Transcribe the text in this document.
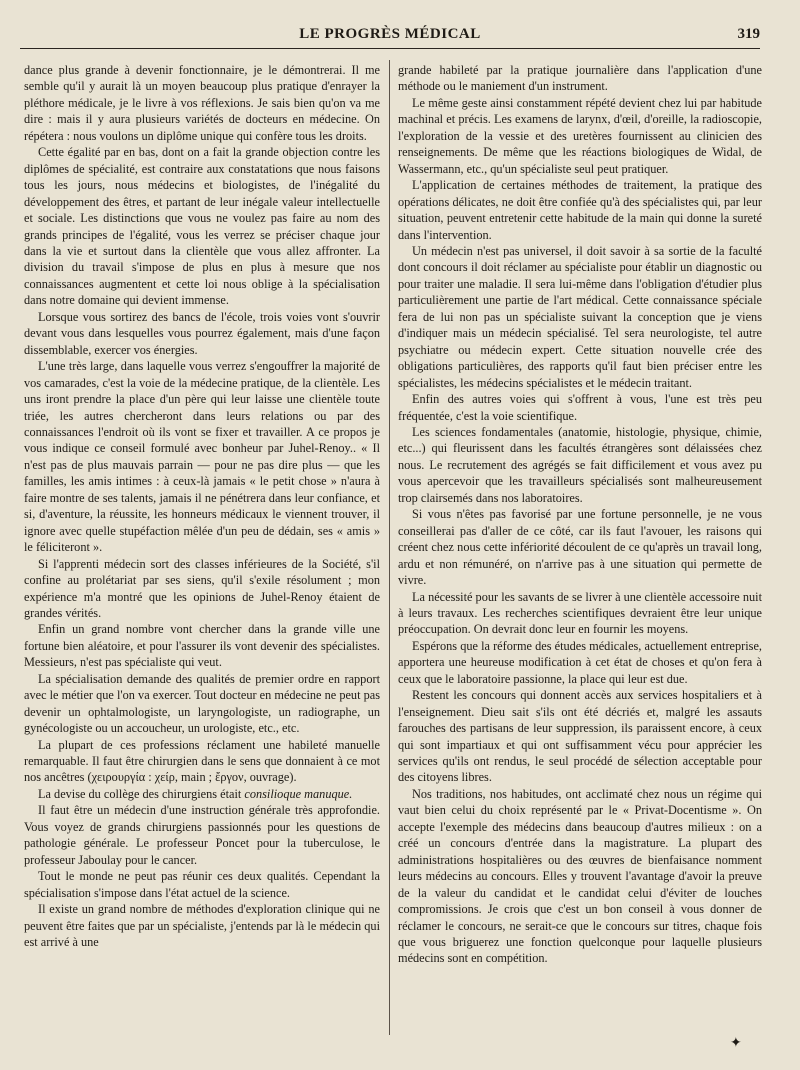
LE PROGRÈS MÉDICAL	319

dance plus grande à devenir fonctionnaire, je le démontrerai. Il me semble qu'il y aurait là un moyen beaucoup plus pratique d'enrayer la pléthore médicale, je le livre à vos réflexions. Je sais bien qu'on va me dire : mais il y aura plusieurs variétés de docteurs en médecine. On répétera : nous voulons un diplôme unique qui confère tous les droits.

Cette égalité par en bas, dont on a fait la grande objection contre les diplômes de spécialité, est contraire aux constatations que nous faisons tous les jours, nous médecins et biologistes, de l'inégalité du développement des êtres, et partant de leur inégale valeur intellectuelle et sociale. Les distinctions que vous ne voulez pas faire au nom des grands principes de l'égalité, vous les verrez se préciser chaque jour dans la vie et surtout dans la clientèle que vous allez affronter. La division du travail s'impose de plus en plus à mesure que nos connaissances augmentent et cette loi nous oblige à la spécialisation dans notre domaine qui devient immense.

Lorsque vous sortirez des bancs de l'école, trois voies vont s'ouvrir devant vous dans lesquelles vous pourrez également, mais d'une façon dissemblable, exercer vos énergies.

L'une très large, dans laquelle vous verrez s'engouffrer la majorité de vos camarades, c'est la voie de la médecine pratique, de la clientèle. Les uns iront prendre la place d'un père qui leur laisse une clientèle toute triée, les autres chercheront dans leurs relations ou par des connaissances l'endroit où ils vont se fixer et travailler. A ce propos je vous indique ce conseil formulé avec bonheur par Juhel-Renoy.. « Il n'est pas de plus mauvais parrain — pour ne pas dire plus — que les familles, les amis intimes : à ceux-là jamais « le petit chose » n'aura à faire montre de ses talents, jamais il ne pénétrera dans leur confiance, et si, d'aventure, la réussite, les honneurs médicaux le viennent trouver, il ignore avec quelle stupéfaction mêlée d'un peu de dédain, ses « amis » le féliciteront ».

Si l'apprenti médecin sort des classes inférieures de la Société, s'il confine au prolétariat par ses siens, qu'il s'exile résolument ; mon expérience m'a montré que les opinions de Juhel-Renoy étaient de grandes vérités.

Enfin un grand nombre vont chercher dans la grande ville une fortune bien aléatoire, et pour l'assurer ils vont devenir des spécialistes. Messieurs, n'est pas spécialiste qui veut.

La spécialisation demande des qualités de premier ordre en rapport avec le métier que l'on va exercer. Tout docteur en médecine ne peut pas devenir un ophtalmologiste, un laryngologiste, un radiographe, un gynécologiste ou un accoucheur, un urologiste, etc., etc.

La plupart de ces professions réclament une habileté manuelle remarquable. Il faut être chirurgien dans le sens que donnaient à ce mot nos ancêtres (χειρουργία : χείρ, main ; ἔργον, ouvrage).

La devise du collège des chirurgiens était consilioque manuque.

Il faut être un médecin d'une instruction générale très approfondie. Vous voyez de grands chirurgiens passionnés pour les questions de pathologie générale. Le professeur Poncet pour la tuberculose, le professeur Jaboulay pour le cancer.

Tout le monde ne peut pas réunir ces deux qualités. Cependant la spécialisation s'impose dans l'état actuel de la science.

Il existe un grand nombre de méthodes d'exploration clinique qui ne peuvent être faites que par un spécialiste, j'entends par là le médecin qui est arrivé à une

grande habileté par la pratique journalière dans l'application d'une méthode ou le maniement d'un instrument.

Le même geste ainsi constamment répété devient chez lui par habitude machinal et précis. Les examens de larynx, d'œil, d'oreille, la radioscopie, l'exploration de la vessie et des uretères fournissent au clinicien des renseignements. De même que les réactions biologiques de Widal, de Wassermann, etc., qu'un spécialiste seul peut pratiquer.

L'application de certaines méthodes de traitement, la pratique des opérations délicates, ne doit être confiée qu'à des spécialistes qui, par leur situation, peuvent entretenir cette habitude de la main qui donne la sureté dans l'intervention.

Un médecin n'est pas universel, il doit savoir à sa sortie de la faculté dont concours il doit réclamer au spécialiste pour établir un diagnostic ou pour traiter une maladie. Il sera lui-même dans l'obligation d'étudier plus particulièrement une partie de l'art médical. Cette connaissance spéciale fera de lui non pas un spécialiste suivant la conception que je viens d'indiquer mais un médecin spécialisé. Tel sera neurologiste, tel autre psychiatre ou médecin expert. Cette situation nouvelle crée des obligations particulières, des rapports qu'il faut bien préciser entre les spécialistes, les médecins spécialistes et le médecin traitant.

Enfin des autres voies qui s'offrent à vous, l'une est très peu fréquentée, c'est la voie scientifique.

Les sciences fondamentales (anatomie, histologie, physique, chimie, etc...) qui fleurissent dans les facultés étrangères sont délaissées chez nous. Le recrutement des agrégés se fait difficilement et vous avez pu vous apercevoir que les travailleurs spécialisés sont malheureusement trop clairsemés dans nos laboratoires.

Si vous n'êtes pas favorisé par une fortune personnelle, je ne vous conseillerai pas d'aller de ce côté, car ils faut l'avouer, les raisons qui créent chez nous cette infériorité découlent de ce qu'après un travail long, ardu et non rémunéré, on n'arrive pas à une situation qui permette de vivre.

La nécessité pour les savants de se livrer à une clientèle accessoire nuit à leurs travaux. Les recherches scientifiques devraient être leur unique préoccupation. On devrait donc leur en fournir les moyens.

Espérons que la réforme des études médicales, actuellement entreprise, apportera une heureuse modification à cet état de choses et qu'on fera à ceux que le laboratoire passionne, la place qui leur est due.

Restent les concours qui donnent accès aux services hospitaliers et à l'enseignement. Dieu sait s'ils ont été décriés et, malgré les assauts farouches des partisans de leur suppression, ils paraissent encore, à ceux qui sont impartiaux et qui ont suffisamment vécu pour apprécier les services qu'ils ont rendus, le seul procédé de sélection acceptable pour des citoyens libres.

Nos traditions, nos habitudes, ont acclimaté chez nous un régime qui vaut bien celui du choix représenté par le « Privat-Docentisme ». On accepte l'exemple des médecins dans beaucoup d'autres milieux : on a créé un concours d'entrée dans la magistrature. La plupart des administrations hospitalières ou des œuvres de bienfaisance nomment leurs médecins au concours. Elles y trouvent l'avantage d'avoir la preuve de la valeur du candidat et le candidat celui d'éviter de louches compromissions. Je crois que c'est un bon conseil à vous donner de réclamer le concours, ne serait-ce que le concours sur titres, chaque fois que vous briguerez une fonction quelconque pour laquelle plusieurs médecins sont en compétition.

✦
